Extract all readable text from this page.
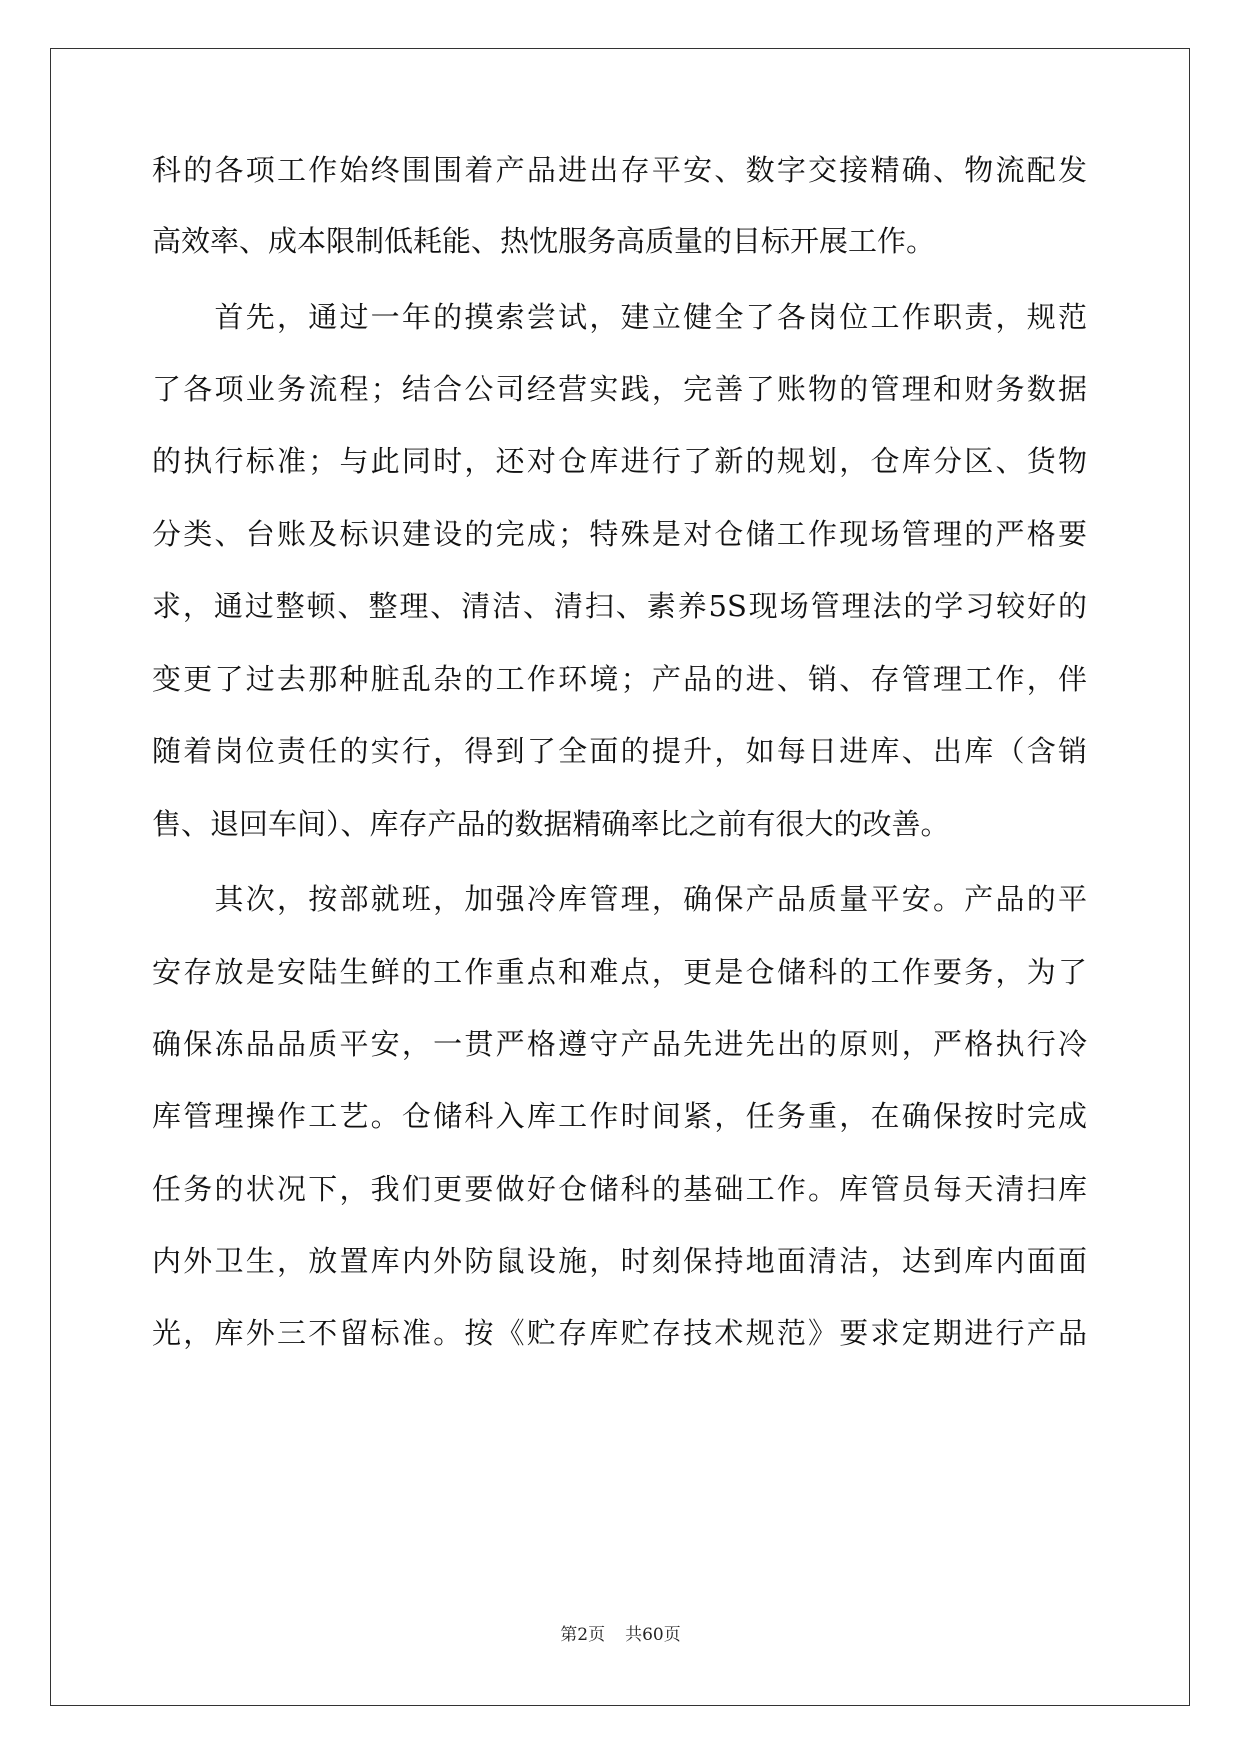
科的各项工作始终围围着产品进出存平安、数字交接精确、物流配发
高效率、成本限制低耗能、热忱服务高质量的目标开展工作。
　　首先，通过一年的摸索尝试，建立健全了各岗位工作职责，规范
了各项业务流程；结合公司经营实践，完善了账物的管理和财务数据
的执行标准；与此同时，还对仓库进行了新的规划，仓库分区、货物
分类、台账及标识建设的完成；特殊是对仓储工作现场管理的严格要
求，通过整顿、整理、清洁、清扫、素养5S现场管理法的学习较好的
变更了过去那种脏乱杂的工作环境；产品的进、销、存管理工作，伴
随着岗位责任的实行，得到了全面的提升，如每日进库、出库（含销
售、退回车间）、库存产品的数据精确率比之前有很大的改善。
　　其次，按部就班，加强冷库管理，确保产品质量平安。产品的平
安存放是安陆生鲜的工作重点和难点，更是仓储科的工作要务，为了
确保冻品品质平安，一贯严格遵守产品先进先出的原则，严格执行冷
库管理操作工艺。仓储科入库工作时间紧，任务重，在确保按时完成
任务的状况下，我们更要做好仓储科的基础工作。库管员每天清扫库
内外卫生，放置库内外防鼠设施，时刻保持地面清洁，达到库内面面
光，库外三不留标准。按《贮存库贮存技术规范》要求定期进行产品
第2页 共60页
